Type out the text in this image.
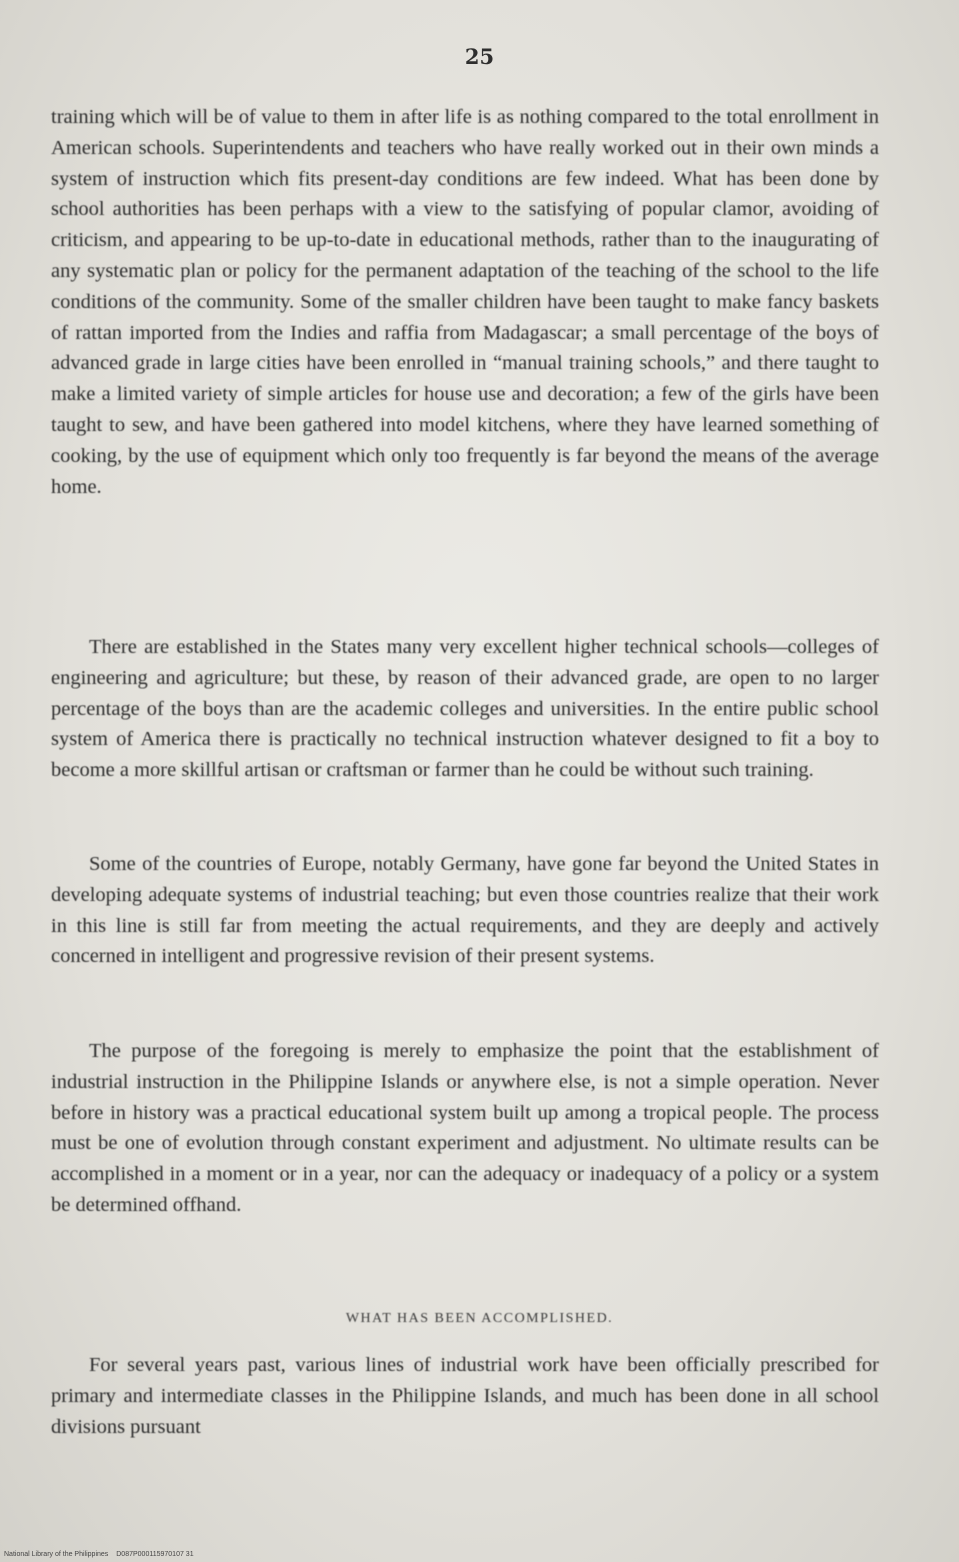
25

training which will be of value to them in after life is as nothing compared to the total enrollment in American schools. Superintendents and teachers who have really worked out in their own minds a system of instruction which fits present-day conditions are few indeed. What has been done by school authorities has been perhaps with a view to the satisfying of popular clamor, avoiding of criticism, and appearing to be up-to-date in educational methods, rather than to the inaugurating of any systematic plan or policy for the permanent adaptation of the teaching of the school to the life conditions of the community. Some of the smaller children have been taught to make fancy baskets of rattan imported from the Indies and raffia from Madagascar; a small percentage of the boys of advanced grade in large cities have been enrolled in “manual training schools,” and there taught to make a limited variety of simple articles for house use and decoration; a few of the girls have been taught to sew, and have been gathered into model kitchens, where they have learned something of cooking, by the use of equipment which only too frequently is far beyond the means of the average home.

There are established in the States many very excellent higher technical schools—colleges of engineering and agriculture; but these, by reason of their advanced grade, are open to no larger percentage of the boys than are the academic colleges and universities. In the entire public school system of America there is practically no technical instruction whatever designed to fit a boy to become a more skillful artisan or craftsman or farmer than he could be without such training.

Some of the countries of Europe, notably Germany, have gone far beyond the United States in developing adequate systems of industrial teaching; but even those countries realize that their work in this line is still far from meeting the actual requirements, and they are deeply and actively concerned in intelligent and progressive revision of their present systems.

The purpose of the foregoing is merely to emphasize the point that the establishment of industrial instruction in the Philippine Islands or anywhere else, is not a simple operation. Never before in history was a practical educational system built up among a tropical people. The process must be one of evolution through constant experiment and adjustment. No ultimate results can be accomplished in a moment or in a year, nor can the adequacy or inadequacy of a policy or a system be determined offhand.

WHAT HAS BEEN ACCOMPLISHED.

For several years past, various lines of industrial work have been officially prescribed for primary and intermediate classes in the Philippine Islands, and much has been done in all school divisions pursuant

National Library of the Philippines D087P000115970107 31
